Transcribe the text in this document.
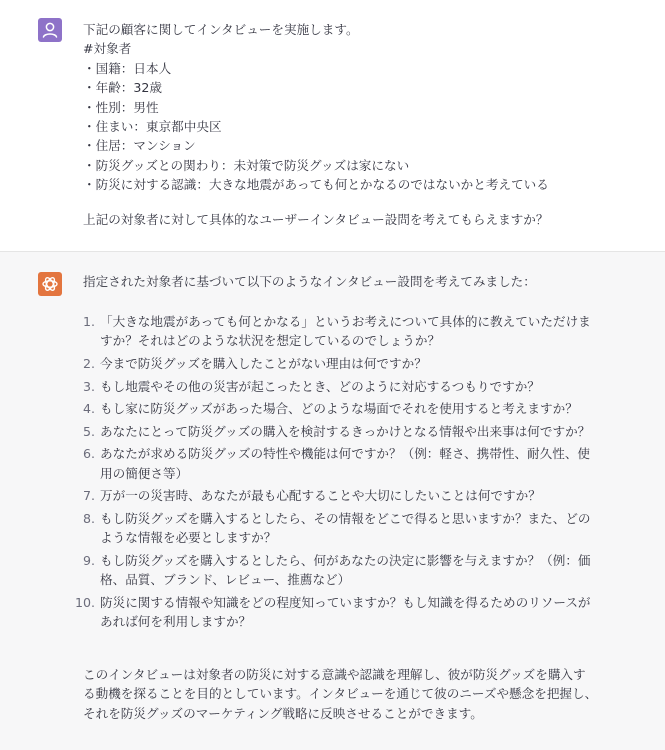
下記の顧客に関してインタビューを実施します。
#対象者
・国籍：日本人
・年齢：32歳
・性別：男性
・住まい：東京都中央区
・住居：マンション
・防災グッズとの関わり：未対策で防災グッズは家にない
・防災に対する認識：大きな地震があっても何とかなるのではないかと考えている
上記の対象者に対して具体的なユーザーインタビュー設問を考えてもらえますか？
指定された対象者に基づいて以下のようなインタビュー設問を考えてみました：
1. 「大きな地震があっても何とかなる」というお考えについて具体的に教えていただけま
すか？それはどのような状況を想定しているのでしょうか？
2. 今まで防災グッズを購入したことがない理由は何ですか？
3. もし地震やその他の災害が起こったとき、どのように対応するつもりですか？
4. もし家に防災グッズがあった場合、どのような場面でそれを使用すると考えますか？
5. あなたにとって防災グッズの購入を検討するきっかけとなる情報や出来事は何ですか？
6. あなたが求める防災グッズの特性や機能は何ですか？（例：軽さ、携帯性、耐久性、使
用の簡便さ等）
7. 万が一の災害時、あなたが最も心配することや大切にしたいことは何ですか？
8. もし防災グッズを購入するとしたら、その情報をどこで得ると思いますか？また、どの
ような情報を必要としますか？
9. もし防災グッズを購入するとしたら、何があなたの決定に影響を与えますか？（例：価
格、品質、ブランド、レビュー、推薦など）
10. 防災に関する情報や知識をどの程度知っていますか？もし知識を得るためのリソースが
あれば何を利用しますか？
このインタビューは対象者の防災に対する意識や認識を理解し、彼が防災グッズを購入す
る動機を探ることを目的としています。インタビューを通じて彼のニーズや懸念を把握し、
それを防災グッズのマーケティング戦略に反映させることができます。
